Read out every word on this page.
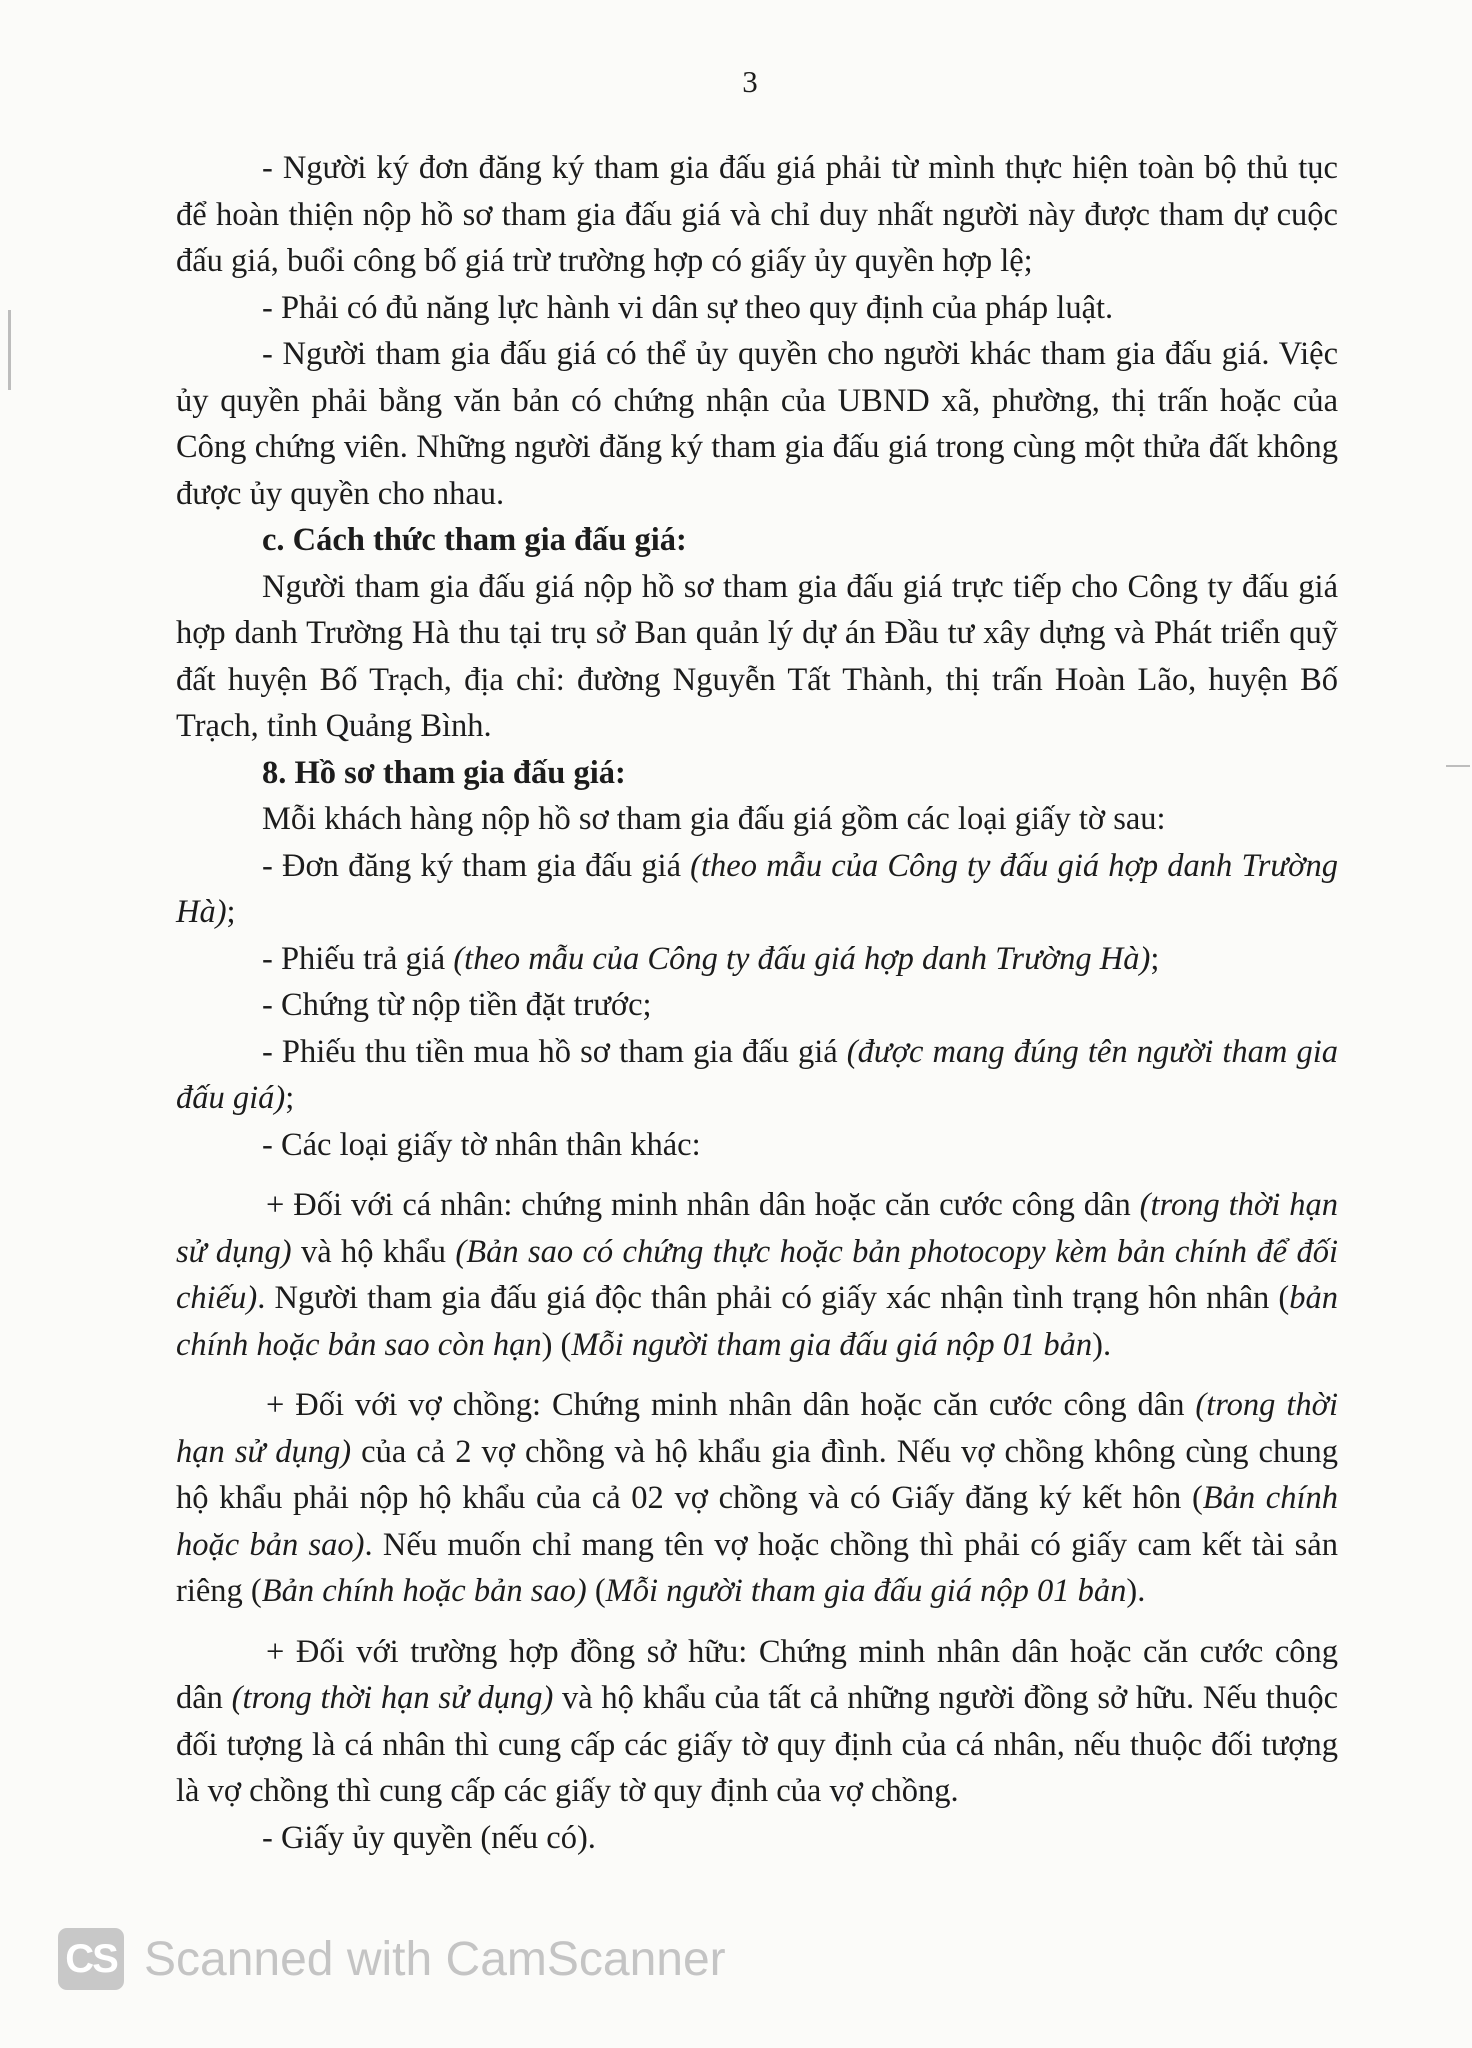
3

- Người ký đơn đăng ký tham gia đấu giá phải từ mình thực hiện toàn bộ thủ tục để hoàn thiện nộp hồ sơ tham gia đấu giá và chỉ duy nhất người này được tham dự cuộc đấu giá, buổi công bố giá trừ trường hợp có giấy ủy quyền hợp lệ;

- Phải có đủ năng lực hành vi dân sự theo quy định của pháp luật.

- Người tham gia đấu giá có thể ủy quyền cho người khác tham gia đấu giá. Việc ủy quyền phải bằng văn bản có chứng nhận của UBND xã, phường, thị trấn hoặc của Công chứng viên. Những người đăng ký tham gia đấu giá trong cùng một thửa đất không được ủy quyền cho nhau.

c. Cách thức tham gia đấu giá:

Người tham gia đấu giá nộp hồ sơ tham gia đấu giá trực tiếp cho Công ty đấu giá hợp danh Trường Hà thu tại trụ sở Ban quản lý dự án Đầu tư xây dựng và Phát triển quỹ đất huyện Bố Trạch, địa chỉ: đường Nguyễn Tất Thành, thị trấn Hoàn Lão, huyện Bố Trạch, tỉnh Quảng Bình.

8. Hồ sơ tham gia đấu giá:

Mỗi khách hàng nộp hồ sơ tham gia đấu giá gồm các loại giấy tờ sau:

- Đơn đăng ký tham gia đấu giá (theo mẫu của Công ty đấu giá hợp danh Trường Hà);

- Phiếu trả giá (theo mẫu của Công ty đấu giá hợp danh Trường Hà);

- Chứng từ nộp tiền đặt trước;

- Phiếu thu tiền mua hồ sơ tham gia đấu giá (được mang đúng tên người tham gia đấu giá);

- Các loại giấy tờ nhân thân khác:

+ Đối với cá nhân: chứng minh nhân dân hoặc căn cước công dân (trong thời hạn sử dụng) và hộ khẩu (Bản sao có chứng thực hoặc bản photocopy kèm bản chính để đối chiếu). Người tham gia đấu giá độc thân phải có giấy xác nhận tình trạng hôn nhân (bản chính hoặc bản sao còn hạn) (Mỗi người tham gia đấu giá nộp 01 bản).

+ Đối với vợ chồng: Chứng minh nhân dân hoặc căn cước công dân (trong thời hạn sử dụng) của cả 2 vợ chồng và hộ khẩu gia đình. Nếu vợ chồng không cùng chung hộ khẩu phải nộp hộ khẩu của cả 02 vợ chồng và có Giấy đăng ký kết hôn (Bản chính hoặc bản sao). Nếu muốn chỉ mang tên vợ hoặc chồng thì phải có giấy cam kết tài sản riêng (Bản chính hoặc bản sao) (Mỗi người tham gia đấu giá nộp 01 bản).

+ Đối với trường hợp đồng sở hữu: Chứng minh nhân dân hoặc căn cước công dân (trong thời hạn sử dụng) và hộ khẩu của tất cả những người đồng sở hữu. Nếu thuộc đối tượng là cá nhân thì cung cấp các giấy tờ quy định của cá nhân, nếu thuộc đối tượng là vợ chồng thì cung cấp các giấy tờ quy định của vợ chồng.

- Giấy ủy quyền (nếu có).

CS Scanned with CamScanner
